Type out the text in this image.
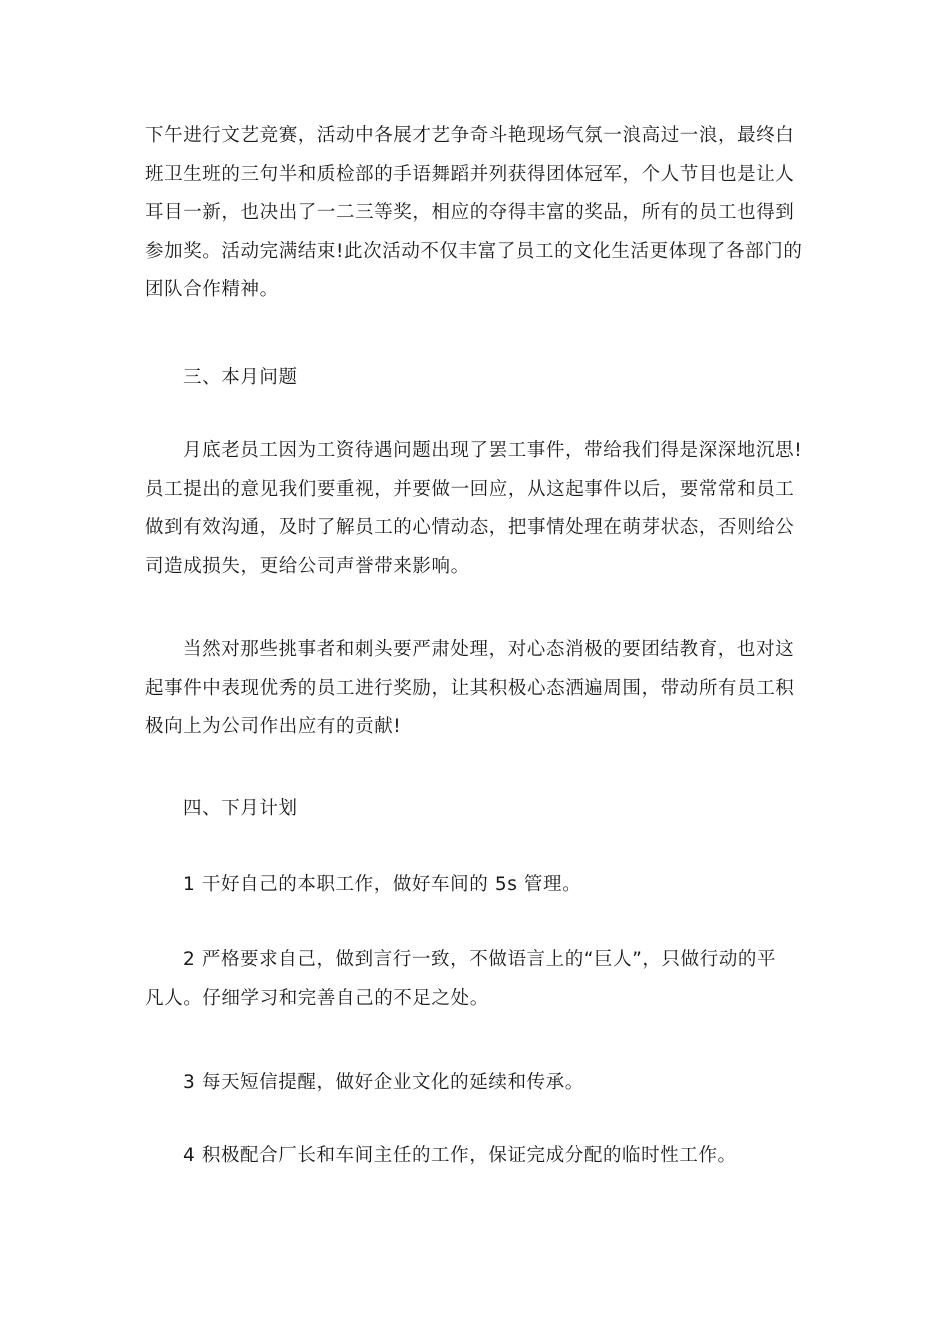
下午进行文艺竞赛，活动中各展才艺争奇斗艳现场气氛一浪高过一浪，最终白
班卫生班的三句半和质检部的手语舞蹈并列获得团体冠军，个人节目也是让人
耳目一新，也决出了一二三等奖，相应的夺得丰富的奖品，所有的员工也得到
参加奖。活动完满结束!此次活动不仅丰富了员工的文化生活更体现了各部门的
团队合作精神。
三、本月问题
月底老员工因为工资待遇问题出现了罢工事件，带给我们得是深深地沉思!
员工提出的意见我们要重视，并要做一回应，从这起事件以后，要常常和员工
做到有效沟通，及时了解员工的心情动态，把事情处理在萌芽状态，否则给公
司造成损失，更给公司声誉带来影响。
当然对那些挑事者和刺头要严肃处理，对心态消极的要团结教育，也对这
起事件中表现优秀的员工进行奖励，让其积极心态洒遍周围，带动所有员工积
极向上为公司作出应有的贡献!
四、下月计划
1 干好自己的本职工作，做好车间的 5s 管理。
2 严格要求自己，做到言行一致，不做语言上的“巨人”，只做行动的平
凡人。仔细学习和完善自己的不足之处。
3 每天短信提醒，做好企业文化的延续和传承。
4 积极配合厂长和车间主任的工作，保证完成分配的临时性工作。
